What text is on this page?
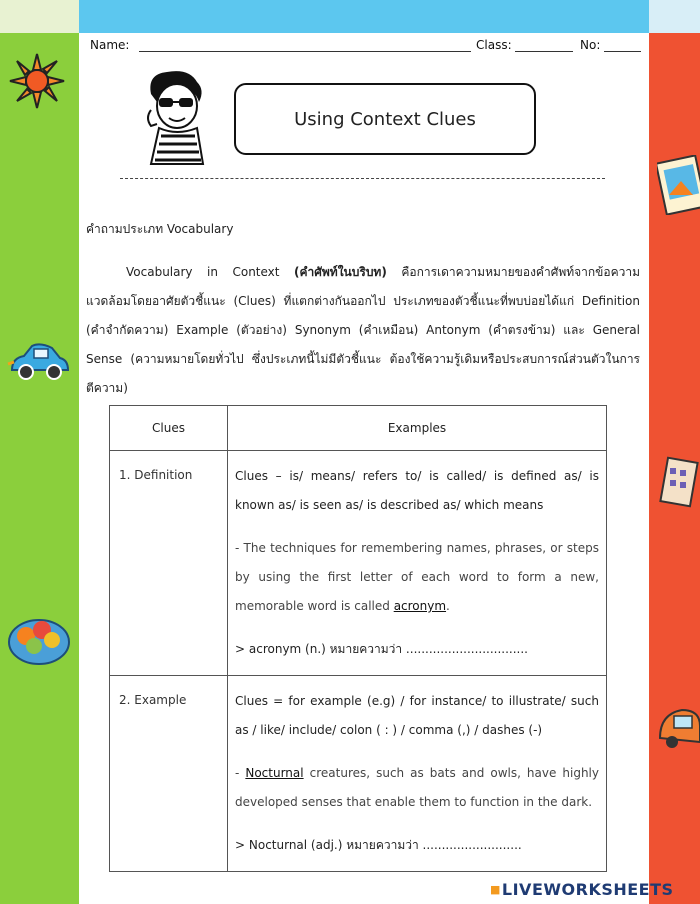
Name:	Class:	No:
Using Context Clues
คำถามประเภท Vocabulary
Vocabulary in Context (คำศัพท์ในบริบท) คือการเดาความหมายของคำศัพท์จากข้อความแวดล้อมโดยอาศัยตัวชี้แนะ (Clues) ที่แตกต่างกันออกไป ประเภทของตัวชี้แนะที่พบบ่อยได้แก่ Definition (คำจำกัดความ) Example (ตัวอย่าง) Synonym (คำเหมือน) Antonym (คำตรงข้าม) และ General Sense (ความหมายโดยทั่วไป ซึ่งประเภทนี้ไม่มีตัวชี้แนะ ต้องใช้ความรู้เดิมหรือประสบการณ์ส่วนตัวในการตีความ)
Clues	Examples

1. Definition	Clues – is/ means/ refers to/ is called/ is defined as/ is known as/ is seen as/ is described as/ which means

- The techniques for remembering names, phrases, or steps by using the first letter of each word to form a new, memorable word is called acronym.

> acronym (n.) หมายความว่า ................................

2. Example	Clues = for example (e.g) / for instance/ to illustrate/ such as / like/ include/ colon ( : ) / comma (,) / dashes (-)

- Nocturnal creatures, such as bats and owls, have highly developed senses that enable them to function in the dark.

> Nocturnal (adj.) หมายความว่า ..........................

■LIVEWORKSHEETS
